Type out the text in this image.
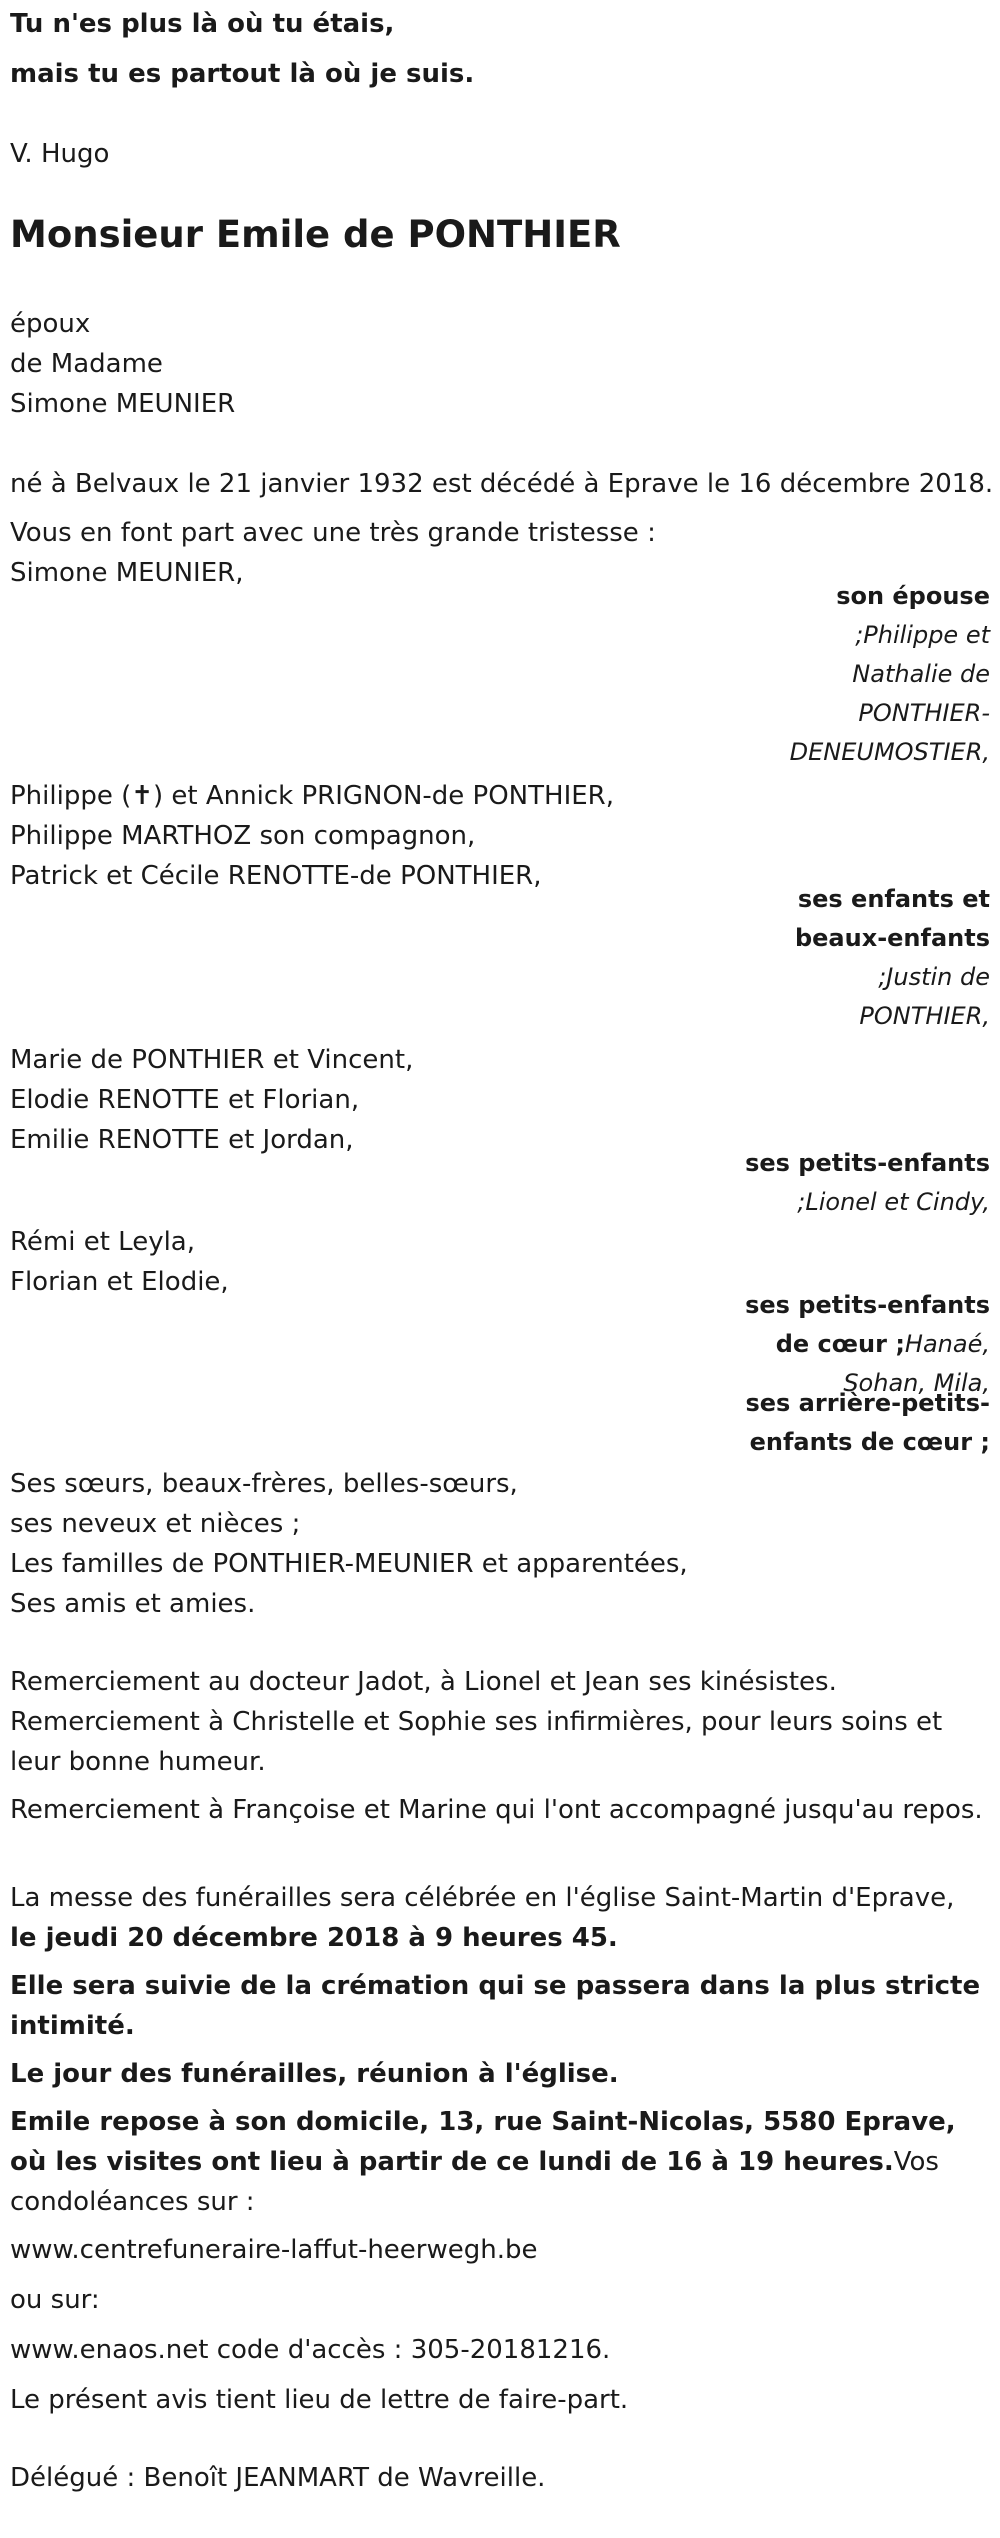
Tu n'es plus là où tu étais,
mais tu es partout là où je suis.
V. Hugo
Monsieur Emile de PONTHIER
époux
de Madame
Simone MEUNIER
né à Belvaux le 21 janvier 1932 est décédé à Eprave le 16 décembre 2018.
Vous en font part avec une très grande tristesse :
Simone MEUNIER,
son épouse
;Philippe et
Nathalie de
PONTHIER-
DENEUMOSTIER,
Philippe (✝) et Annick PRIGNON-de PONTHIER,
Philippe MARTHOZ son compagnon,
Patrick et Cécile RENOTTE-de PONTHIER,
ses enfants et
beaux-enfants
;Justin de
PONTHIER,
Marie de PONTHIER et Vincent,
Elodie RENOTTE et Florian,
Emilie RENOTTE et Jordan,
ses petits-enfants
;Lionel et Cindy,
Rémi et Leyla,
Florian et Elodie,
ses petits-enfants
de cœur ;Hanaé,
Sohan, Mila,
ses arrière-petits-
enfants de cœur ;
Ses sœurs, beaux-frères, belles-sœurs,
ses neveux et nièces ;
Les familles de PONTHIER-MEUNIER et apparentées,
Ses amis et amies.
Remerciement au docteur Jadot, à Lionel et Jean ses kinésistes.
Remerciement à Christelle et Sophie ses infirmières, pour leurs soins et leur bonne humeur.
Remerciement à Françoise et Marine qui l'ont accompagné jusqu'au repos.
La messe des funérailles sera célébrée en l'église Saint-Martin d'Eprave,
le jeudi 20 décembre 2018 à 9 heures 45.
Elle sera suivie de la crémation qui se passera dans la plus stricte intimité.
Le jour des funérailles, réunion à l'église.
Emile repose à son domicile, 13, rue Saint-Nicolas, 5580 Eprave, où les visites ont lieu à partir de ce lundi de 16 à 19 heures.Vos condoléances sur :
www.centrefuneraire-laffut-heerwegh.be
ou sur:
www.enaos.net code d'accès : 305-20181216.
Le présent avis tient lieu de lettre de faire-part.
Délégué : Benoît JEANMART de Wavreille.
